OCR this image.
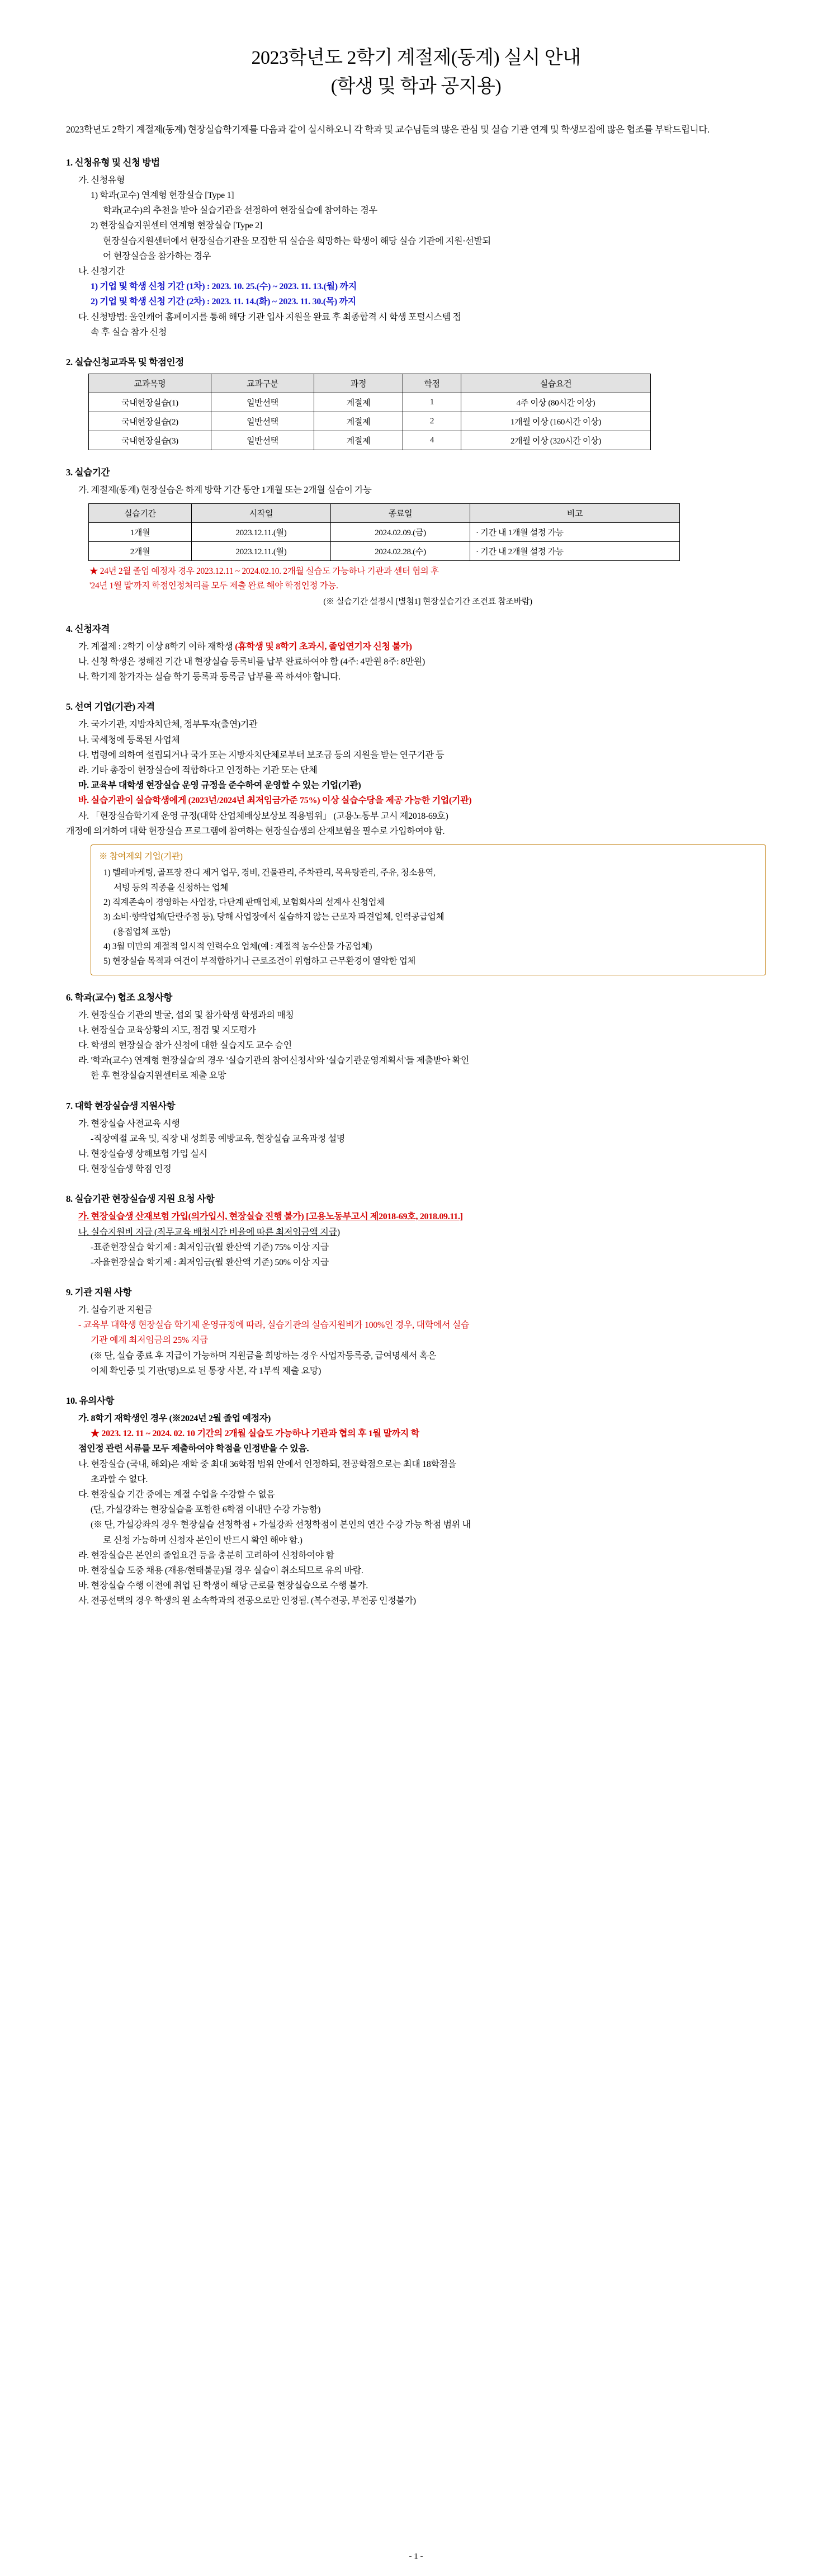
2023학년도 2학기 계절제(동계) 실시 안내
(학생 및 학과 공지용)

2023학년도 2학기 계절제(동계) 현장실습학기제를 다음과 같이 실시하오니 각 학과 및 교수님들의 많은 관심 및 실습 기관 연계 및 학생모집에 많은 협조를 부탁드립니다.

1. 신청유형 및 신청 방법
가. 신청유형
1) 학과(교수) 연계형 현장실습 [Type 1]
학과(교수)의 추천을 받아 실습기관을 선정하여 현장실습에 참여하는 경우
2) 현장실습지원센터 연계형 현장실습 [Type 2]
현장실습지원센터에서 현장실습기관을 모집한 뒤 실습을 희망하는 학생이 해당 실습 기관에 지원·선발되
어 현장실습을 참가하는 경우
나. 신청기간
1) 기업 및 학생 신청 기간 (1차) : 2023. 10. 25.(수) ~ 2023. 11. 13.(월) 까지
2) 기업 및 학생 신청 기간 (2차) : 2023. 11. 14.(화) ~ 2023. 11. 30.(목) 까지
다. 신청방법: 울인캐어 홈페이지를 통해 해당 기관 입사 지원을 완료 후 최종합격 시 학생 포털시스템 접
속 후 실습 참가 신청
2. 실습신청교과목 및 학점인정
교과목명	교과구분	과정	학점	실습요건
국내현장실습(1)	일반선택	계절제	1	4주 이상 (80시간 이상)
국내현장실습(2)	일반선택	계절제	2	1개월 이상 (160시간 이상)
국내현장실습(3)	일반선택	계절제	4	2개월 이상 (320시간 이상)
3. 실습기간
가. 계절제(동계) 현장실습은 하계 방학 기간 동안 1개월 또는 2개월 실습이 가능
실습기간	시작일	종료일	비고
1개월	2023.12.11.(월)	2024.02.09.(금)	· 기간 내 1개월 설정 가능
2개월	2023.12.11.(월)	2024.02.28.(수)	· 기간 내 2개월 설정 가능
★ 24년 2월 졸업 예정자 경우 2023.12.11 ~ 2024.02.10. 2개월 실습도 가능하나 기관과 센터 협의 후
'24년 1월 말'까지 학점인정처리를 모두 제출 완료 해야 학점인정 가능.
(※ 실습기간 설정시 [별첨1] 현장실습기간 조건표 참조바람)
4. 신청자격
가. 계절제 : 2학기 이상 8학기 이하 재학생 (휴학생 및 8학기 초과시, 졸업연기자 신청 불가)
나. 신청 학생은 정해진 기간 내 현장실습 등록비를 납부 완료하여야 함 (4주: 4만원 8주: 8만원)
나. 학기제 참가자는 실습 학기 등록과 등록금 납부를 꼭 하셔야 합니다.
5. 선여 기업(기관) 자격
가. 국가기관, 지방자치단체, 정부투자(출연)기관
나. 국세청에 등록된 사업체
다. 법령에 의하여 설립되거나 국가 또는 지방자치단체로부터 보조금 등의 지원을 받는 연구기관 등
라. 기타 총장이 현장실습에 적합하다고 인정하는 기관 또는 단체
마. 교육부 대학생 현장실습 운영 규정을 준수하여 운영할 수 있는 기업(기관)
바. 실습기관이 실습학생에게 (2023년/2024년 최저임금가준 75%) 이상 실습수당을 제공 가능한 기업(기관)
사. 「현장실습학기제 운영 규정(대학 산업체배상보상보 적용범위」 (고용노동부 고시 제2018-69호)
개정에 의거하여 대학 현장실습 프로그램에 참여하는 현장실습생의 산재보험을 필수로 가입하여야 함.
※ 참여제외 기업(기관)
1) 텔레마케팅, 골프장 잔디 제거 업무, 경비, 건물관리, 주차관리, 목욕탕관리, 주유, 청소용역,
서빙 등의 직종을 신청하는 업체
2) 직계존속이 경영하는 사업장, 다단계 판매업체, 보험회사의 설계사 신청업체
3) 소비·향락업체(단란주점 등), 당해 사업장에서 실습하지 않는 근로자 파견업체, 인력공급업체
(용접업체 포함)
4) 3월 미만의 계절적 일시적 인력수요 업체(예 : 계절적 농수산물 가공업체)
5) 현장실습 목적과 여건이 부적합하거나 근로조건이 위험하고 근무환경이 열악한 업체
6. 학과(교수) 협조 요청사항
가. 현장실습 기관의 발굴, 섭외 및 참가학생 학생과의 매칭
나. 현장실습 교육상황의 지도, 점검 및 지도평가
다. 학생의 현장실습 참가 신청에 대한 실습지도 교수 승인
라. '학과(교수) 연계형 현장실습'의 경우 '실습기관의 참여신청서'와 '실습기관운영계획서'들 제출받아 확인
한 후 현장실습지원센터로 제출 요망
7. 대학 현장실습생 지원사항
가. 현장실습 사전교육 시행
-직장예절 교육 및, 직장 내 성희롱 예방교육, 현장실습 교육과정 설명
나. 현장실습생 상해보험 가입 실시
다. 현장실습생 학점 인정
8. 실습기관 현장실습생 지원 요청 사항
가. 현장실습생 산재보험 가입(의가입시, 현장실습 진행 불가) [고용노동부고시 제2018-69호, 2018.09.11.]
나. 실습지원비 지급 (직무교육 배청시간 비율에 따른 최저임금액 지급)
-표준현장실습 학기제 : 최저임금(월 환산액 기준) 75% 이상 지급
-자율현장실습 학기제 : 최저임금(월 환산액 기준) 50% 이상 지급
9. 기관 지원 사항
가. 실습기관 지원금
- 교육부 대학생 현장실습 학기제 운영규정에 따라, 실습기관의 실습지원비가 100%인 경우, 대학에서 실습
기관 예계 최저임금의 25% 지급
(※ 단, 실습 종료 후 지급이 가능하며 지원금을 희망하는 경우 사업자등록증, 급여명세서 혹은
이체 확인증 및 기관(명)으로 된 통장 사본, 각 1부씩 제출 요망)
10. 유의사항
가. 8학기 재학생인 경우 (※2024년 2월 졸업 예정자)
★ 2023. 12. 11 ~ 2024. 02. 10 기간의 2개월 실습도 가능하나 기관과 협의 후 1월 말까지 학
점인정 관련 서류를 모두 제출하여야 학점을 인정받을 수 있음.
나. 현장실습 (국내, 해외)은 재학 중 최대 36학점 범위 안에서 인정하되, 전공학점으로는 최대 18학점을
초과할 수 없다.
다. 현장실습 기간 중에는 계절 수업을 수강할 수 없음
(단, 가설강좌는 현장실습을 포함한 6학점 이내만 수강 가능함)
(※ 단, 가설강좌의 경우 현장실습 선청학점 + 가설강좌 선청학점이 본인의 연간 수강 가능 학점 범위 내
로 신청 가능하며 신청자 본인이 반드시 확인 해야 함.)
라. 현장실습은 본인의 졸업요건 등을 충분히 고려하여 신청하여야 함
마. 현장실습 도중 채용 (재용/현태불문)될 경우 실습이 취소되므로 유의 바람.
바. 현장실습 수행 이전에 취업 된 학생이 해당 근로를 현장실습으로 수행 불가.
사. 전공선택의 경우 학생의 원 소속학과의 전공으로만 인정됨. (복수전공, 부전공 인정불가)
- 1 -
